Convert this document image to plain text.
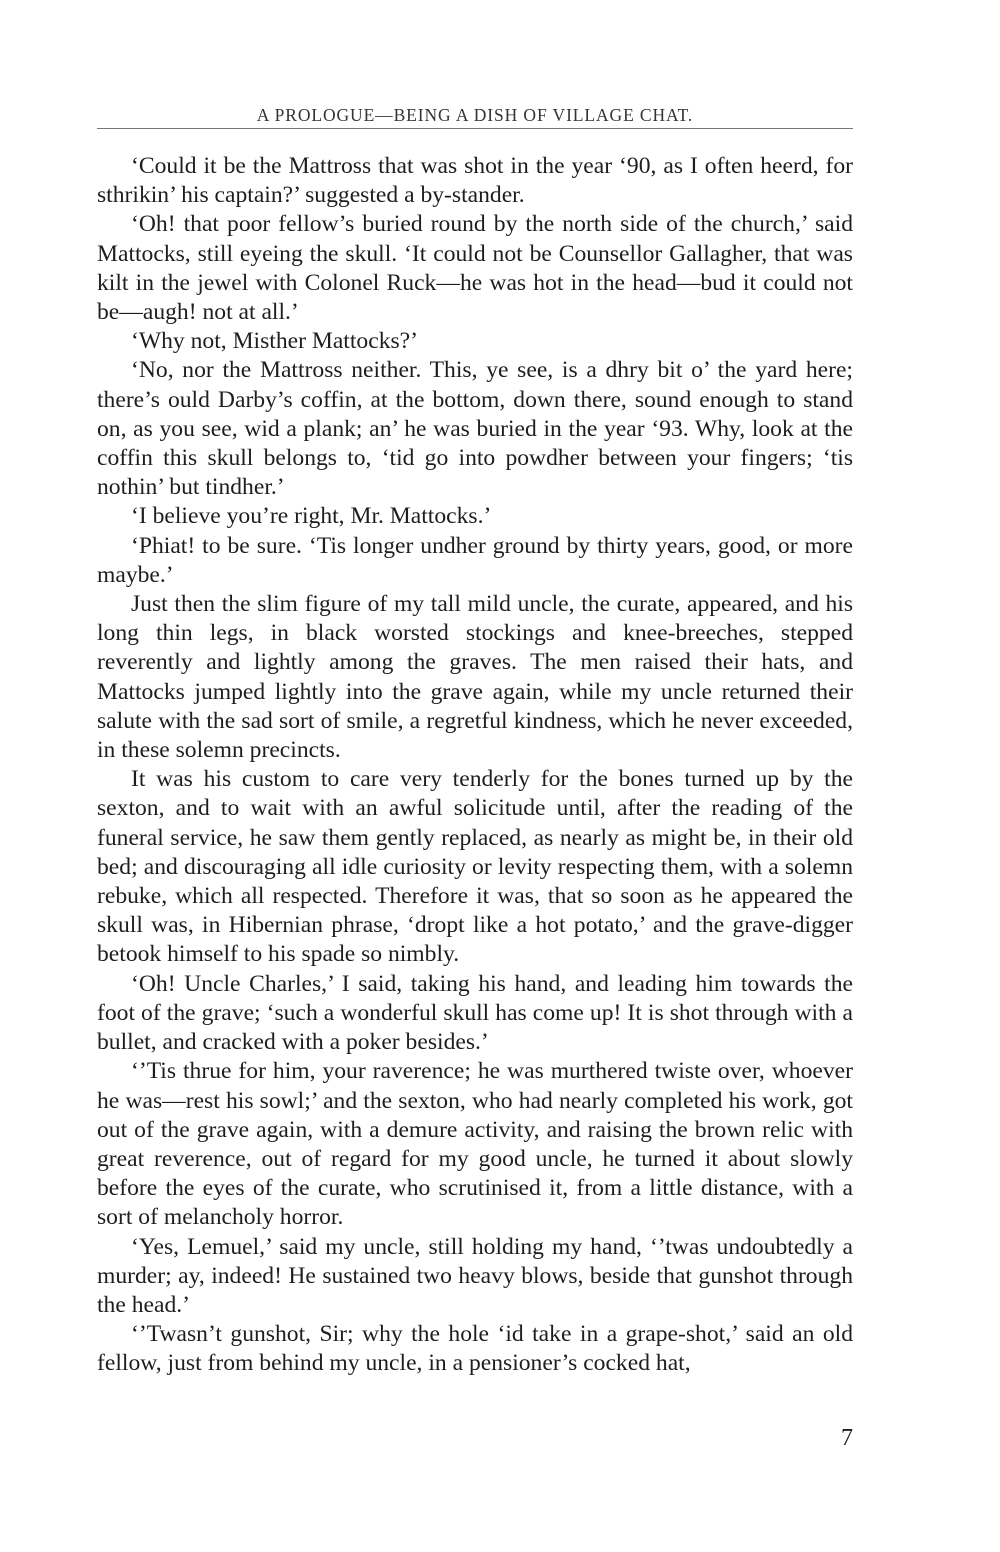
A PROLOGUE—BEING A DISH OF VILLAGE CHAT.

‘Could it be the Mattross that was shot in the year ‘90, as I often heerd, for sthrikin’ his captain?’ suggested a by-stander.

‘Oh! that poor fellow’s buried round by the north side of the church,’ said Mattocks, still eyeing the skull. ‘It could not be Counsellor Gallagher, that was kilt in the jewel with Colonel Ruck—he was hot in the head—bud it could not be—augh! not at all.’

‘Why not, Misther Mattocks?’

‘No, nor the Mattross neither. This, ye see, is a dhry bit o’ the yard here; there’s ould Darby’s coffin, at the bottom, down there, sound enough to stand on, as you see, wid a plank; an’ he was buried in the year ‘93. Why, look at the coffin this skull belongs to, ‘tid go into powdher between your fingers; ‘tis nothin’ but tindher.’

‘I believe you’re right, Mr. Mattocks.’

‘Phiat! to be sure. ‘Tis longer undher ground by thirty years, good, or more maybe.’

Just then the slim figure of my tall mild uncle, the curate, appeared, and his long thin legs, in black worsted stockings and knee-breeches, stepped reverently and lightly among the graves. The men raised their hats, and Mattocks jumped lightly into the grave again, while my uncle returned their salute with the sad sort of smile, a regretful kindness, which he never exceeded, in these solemn precincts.

It was his custom to care very tenderly for the bones turned up by the sexton, and to wait with an awful solicitude until, after the reading of the funeral service, he saw them gently replaced, as nearly as might be, in their old bed; and discouraging all idle curiosity or levity respecting them, with a solemn rebuke, which all respected. Therefore it was, that so soon as he appeared the skull was, in Hibernian phrase, ‘dropt like a hot potato,’ and the grave-digger betook himself to his spade so nimbly.

‘Oh! Uncle Charles,’ I said, taking his hand, and leading him towards the foot of the grave; ‘such a wonderful skull has come up! It is shot through with a bullet, and cracked with a poker besides.’

‘’Tis thrue for him, your raverence; he was murthered twiste over, whoever he was—rest his sowl;’ and the sexton, who had nearly completed his work, got out of the grave again, with a demure activity, and raising the brown relic with great reverence, out of regard for my good uncle, he turned it about slowly before the eyes of the curate, who scrutinised it, from a little distance, with a sort of melancholy horror.

‘Yes, Lemuel,’ said my uncle, still holding my hand, ‘’twas undoubtedly a murder; ay, indeed! He sustained two heavy blows, beside that gunshot through the head.’

‘’Twasn’t gunshot, Sir; why the hole ‘id take in a grape-shot,’ said an old fellow, just from behind my uncle, in a pensioner’s cocked hat,

7
